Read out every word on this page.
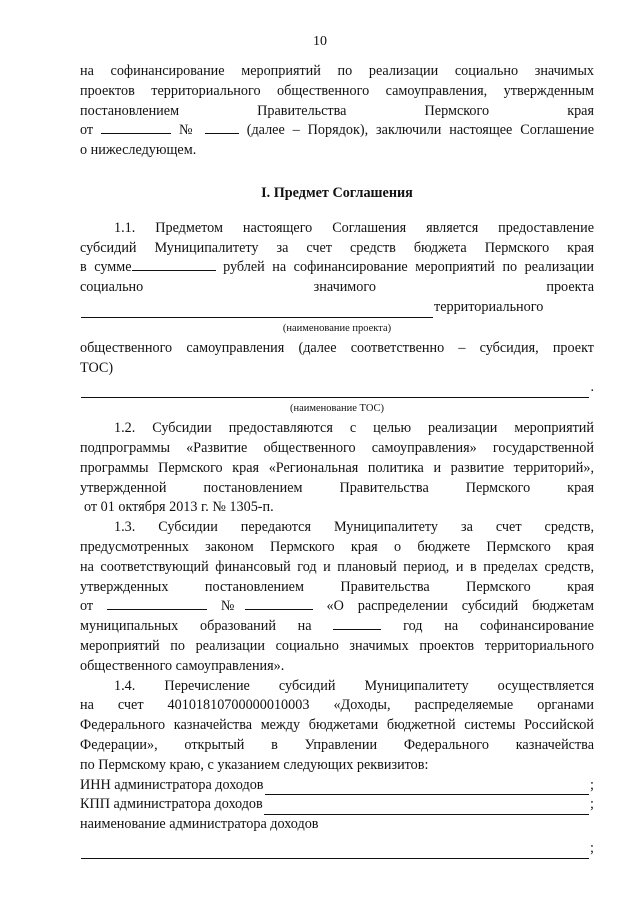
10
на софинансирование мероприятий по реализации социально значимых
проектов территориального общественного самоуправления, утвержденным
постановлением Правительства Пермского края
от	№	(далее – Порядок), заключили настоящее Соглашение
о нижеследующем.
I. Предмет Соглашения
1.1. Предметом настоящего Соглашения является предоставление
субсидий Муниципалитету за счет средств бюджета Пермского края
в сумме	рублей на софинансирование мероприятий по реализации
социально значимого проекта
территориального
(наименование проекта)
общественного самоуправления (далее соответственно – субсидия, проект
ТОС)
.
(наименование ТОС)
1.2. Субсидии предоставляются с целью реализации мероприятий
подпрограммы «Развитие общественного самоуправления» государственной
программы Пермского края «Региональная политика и развитие территорий»,
утвержденной постановлением Правительства Пермского края
от 01 октября 2013 г. № 1305-п.
1.3. Субсидии передаются Муниципалитету за счет средств,
предусмотренных законом Пермского края о бюджете Пермского края
на соответствующий финансовый год и плановый период, и в пределах средств,
утвержденных постановлением Правительства Пермского края
от	№	«О распределении субсидий бюджетам
муниципальных образований на	год на софинансирование
мероприятий по реализации социально значимых проектов территориального
общественного самоуправления».
1.4. Перечисление субсидий Муниципалитету осуществляется
на счет 40101810700000010003 «Доходы, распределяемые органами
Федерального казначейства между бюджетами бюджетной системы Российской
Федерации», открытый в Управлении Федерального казначейства
по Пермскому краю, с указанием следующих реквизитов:
ИНН администратора доходов	;
КПП администратора доходов	;
наименование администратора доходов
;
